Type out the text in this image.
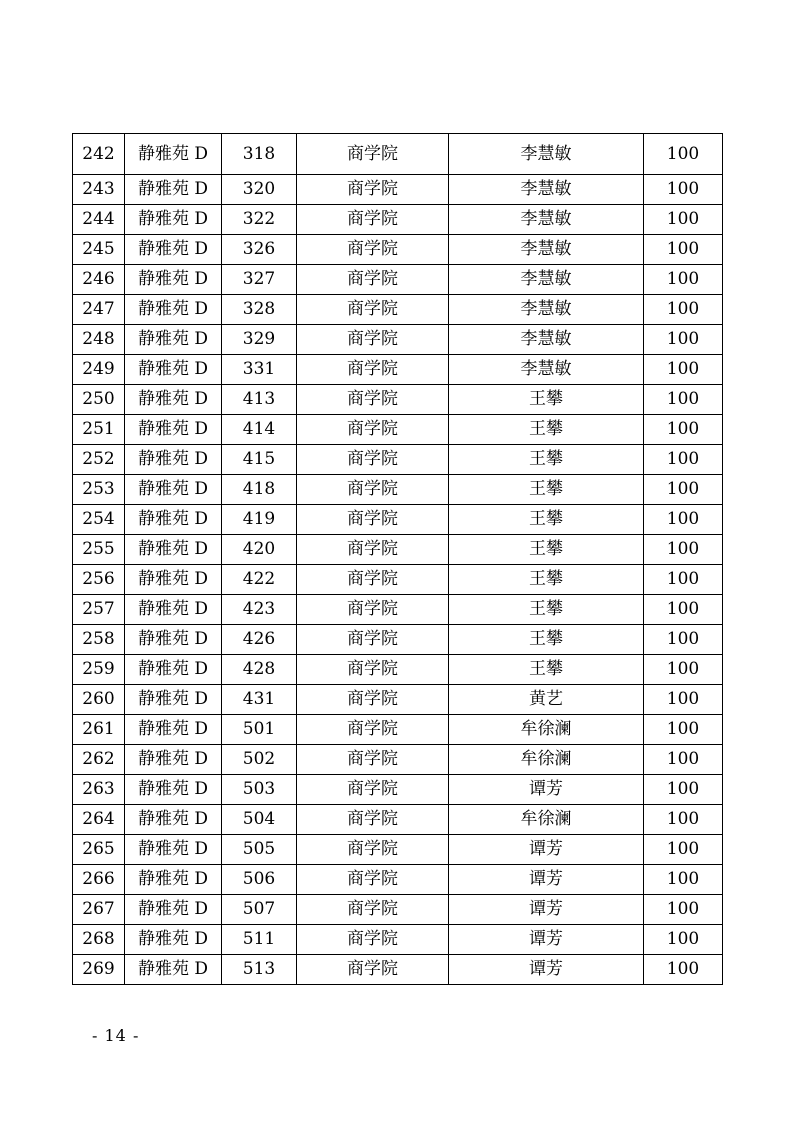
242	静雅苑 D	318	商学院	李慧敏	100
243	静雅苑 D	320	商学院	李慧敏	100
244	静雅苑 D	322	商学院	李慧敏	100
245	静雅苑 D	326	商学院	李慧敏	100
246	静雅苑 D	327	商学院	李慧敏	100
247	静雅苑 D	328	商学院	李慧敏	100
248	静雅苑 D	329	商学院	李慧敏	100
249	静雅苑 D	331	商学院	李慧敏	100
250	静雅苑 D	413	商学院	王攀	100
251	静雅苑 D	414	商学院	王攀	100
252	静雅苑 D	415	商学院	王攀	100
253	静雅苑 D	418	商学院	王攀	100
254	静雅苑 D	419	商学院	王攀	100
255	静雅苑 D	420	商学院	王攀	100
256	静雅苑 D	422	商学院	王攀	100
257	静雅苑 D	423	商学院	王攀	100
258	静雅苑 D	426	商学院	王攀	100
259	静雅苑 D	428	商学院	王攀	100
260	静雅苑 D	431	商学院	黄艺	100
261	静雅苑 D	501	商学院	牟徐澜	100
262	静雅苑 D	502	商学院	牟徐澜	100
263	静雅苑 D	503	商学院	谭芳	100
264	静雅苑 D	504	商学院	牟徐澜	100
265	静雅苑 D	505	商学院	谭芳	100
266	静雅苑 D	506	商学院	谭芳	100
267	静雅苑 D	507	商学院	谭芳	100
268	静雅苑 D	511	商学院	谭芳	100
269	静雅苑 D	513	商学院	谭芳	100
- 14 -
